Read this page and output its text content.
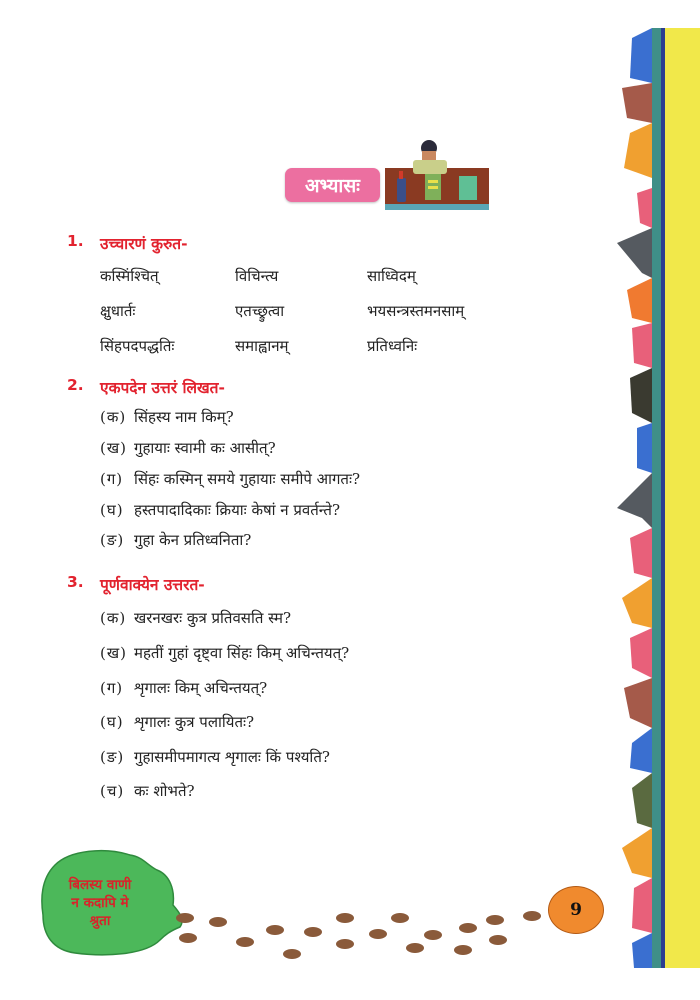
अभ्यासः
1. उच्चारणं कुरुत-
कस्मिंश्चित्	विचिन्त्य	साध्विदम्
क्षुधार्तः	एतच्छ्रुत्वा	भयसन्त्रस्तमनसाम्
सिंहपदपद्धतिः	समाह्वानम्	प्रतिध्वनिः
2. एकपदेन उत्तरं लिखत-
(क) सिंहस्य नाम किम्?
(ख) गुहायाः स्वामी कः आसीत्?
(ग) सिंहः कस्मिन् समये गुहायाः समीपे आगतः?
(घ) हस्तपादादिकाः क्रियाः केषां न प्रवर्तन्ते?
(ङ) गुहा केन प्रतिध्वनिता?
3. पूर्णवाक्येन उत्तरत-
(क) खरनखरः कुत्र प्रतिवसति स्म?
(ख) महतीं गुहां दृष्ट्वा सिंहः किम् अचिन्तयत्?
(ग) शृगालः किम् अचिन्तयत्?
(घ) शृगालः कुत्र पलायितः?
(ङ) गुहासमीपमागत्य शृगालः किं पश्यति?
(च) कः शोभते?
बिलस्य वाणी
न कदापि मे
श्रुता
9
